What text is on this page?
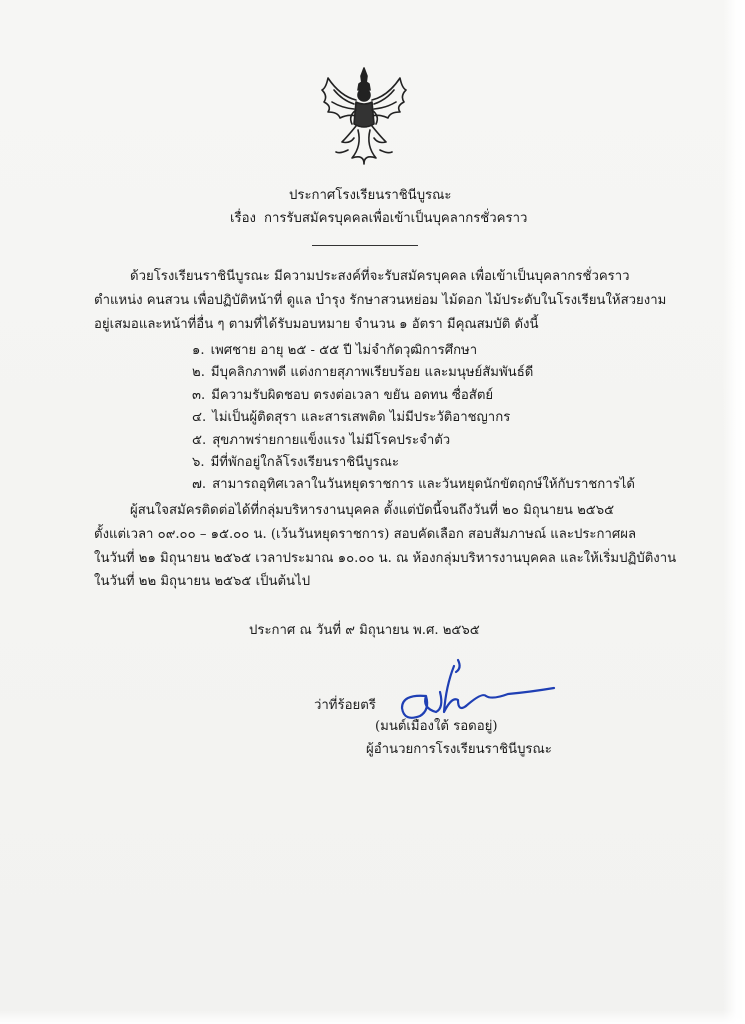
ประกาศโรงเรียนราชินีบูรณะ
เรื่อง การรับสมัครบุคคลเพื่อเข้าเป็นบุคลากรชั่วคราว
ด้วยโรงเรียนราชินีบูรณะ มีความประสงค์ที่จะรับสมัครบุคคล เพื่อเข้าเป็นบุคลากรชั่วคราว
ตำแหน่ง คนสวน เพื่อปฏิบัติหน้าที่ ดูแล บำรุง รักษาสวนหย่อม ไม้ดอก ไม้ประดับในโรงเรียนให้สวยงาม
อยู่เสมอและหน้าที่อื่น ๆ ตามที่ได้รับมอบหมาย จำนวน ๑ อัตรา มีคุณสมบัติ ดังนี้
๑. เพศชาย อายุ ๒๕ - ๕๕ ปี ไม่จำกัดวุฒิการศึกษา
๒. มีบุคลิกภาพดี แต่งกายสุภาพเรียบร้อย และมนุษย์สัมพันธ์ดี
๓. มีความรับผิดชอบ ตรงต่อเวลา ขยัน อดทน ซื่อสัตย์
๔. ไม่เป็นผู้ติดสุรา และสารเสพติด ไม่มีประวัติอาชญากร
๕. สุขภาพร่ายกายแข็งแรง ไม่มีโรคประจำตัว
๖. มีที่พักอยู่ใกล้โรงเรียนราชินีบูรณะ
๗. สามารถอุทิศเวลาในวันหยุดราชการ และวันหยุดนักขัตฤกษ์ให้กับราชการได้
ผู้สนใจสมัครติดต่อได้ที่กลุ่มบริหารงานบุคคล ตั้งแต่บัดนี้จนถึงวันที่ ๒๐ มิถุนายน ๒๕๖๕
ตั้งแต่เวลา ๐๙.๐๐ – ๑๕.๐๐ น. (เว้นวันหยุดราชการ) สอบคัดเลือก สอบสัมภาษณ์ และประกาศผล
ในวันที่ ๒๑ มิถุนายน ๒๕๖๕ เวลาประมาณ ๑๐.๐๐ น. ณ ห้องกลุ่มบริหารงานบุคคล และให้เริ่มปฏิบัติงาน
ในวันที่ ๒๒ มิถุนายน ๒๕๖๕ เป็นต้นไป
ประกาศ ณ วันที่ ๙ มิถุนายน พ.ศ. ๒๕๖๕
ว่าที่ร้อยตรี
(มนต์เมืองใต้ รอดอยู่)
ผู้อำนวยการโรงเรียนราชินีบูรณะ
